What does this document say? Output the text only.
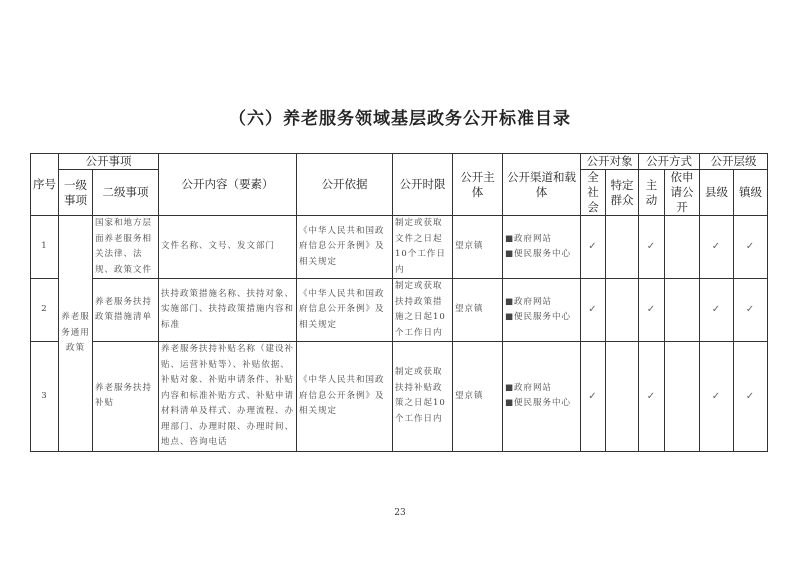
（六）养老服务领域基层政务公开标准目录
序号	公开事项		公开内容（要素）	公开依据	公开时限	公开主体	公开渠道和载体	公开对象		公开方式		公开层级	
	一级事项	二级事项						全社会	特定群众	主动	依申请公开	县级	镇级
1	养老服务通用政策	国家和地方层面养老服务相关法律、法规、政策文件	文件名称、文号、发文部门	《中华人民共和国政府信息公开条例》及相关规定	制定或获取文件之日起10个工作日内	望京镇	■政府网站
■便民服务中心	✓		✓		✓	✓
2		养老服务扶持政策措施清单	扶持政策措施名称、扶持对象、实施部门、扶持政策措施内容和标准	《中华人民共和国政府信息公开条例》及相关规定	制定或获取扶持政策措施之日起10个工作日内	望京镇	■政府网站
■便民服务中心	✓		✓		✓	✓
3		养老服务扶持补贴	养老服务扶持补贴名称（建设补贴、运营补贴等）、补贴依据、补贴对象、补贴申请条件、补贴内容和标准补贴方式、补贴申请材料清单及样式、办理流程、办理部门、办理时限、办理时间、地点、咨询电话	《中华人民共和国政府信息公开条例》及相关规定	制定或获取扶持补贴政策之日起10个工作日内	望京镇	■政府网站
■便民服务中心	✓		✓		✓	✓
23
